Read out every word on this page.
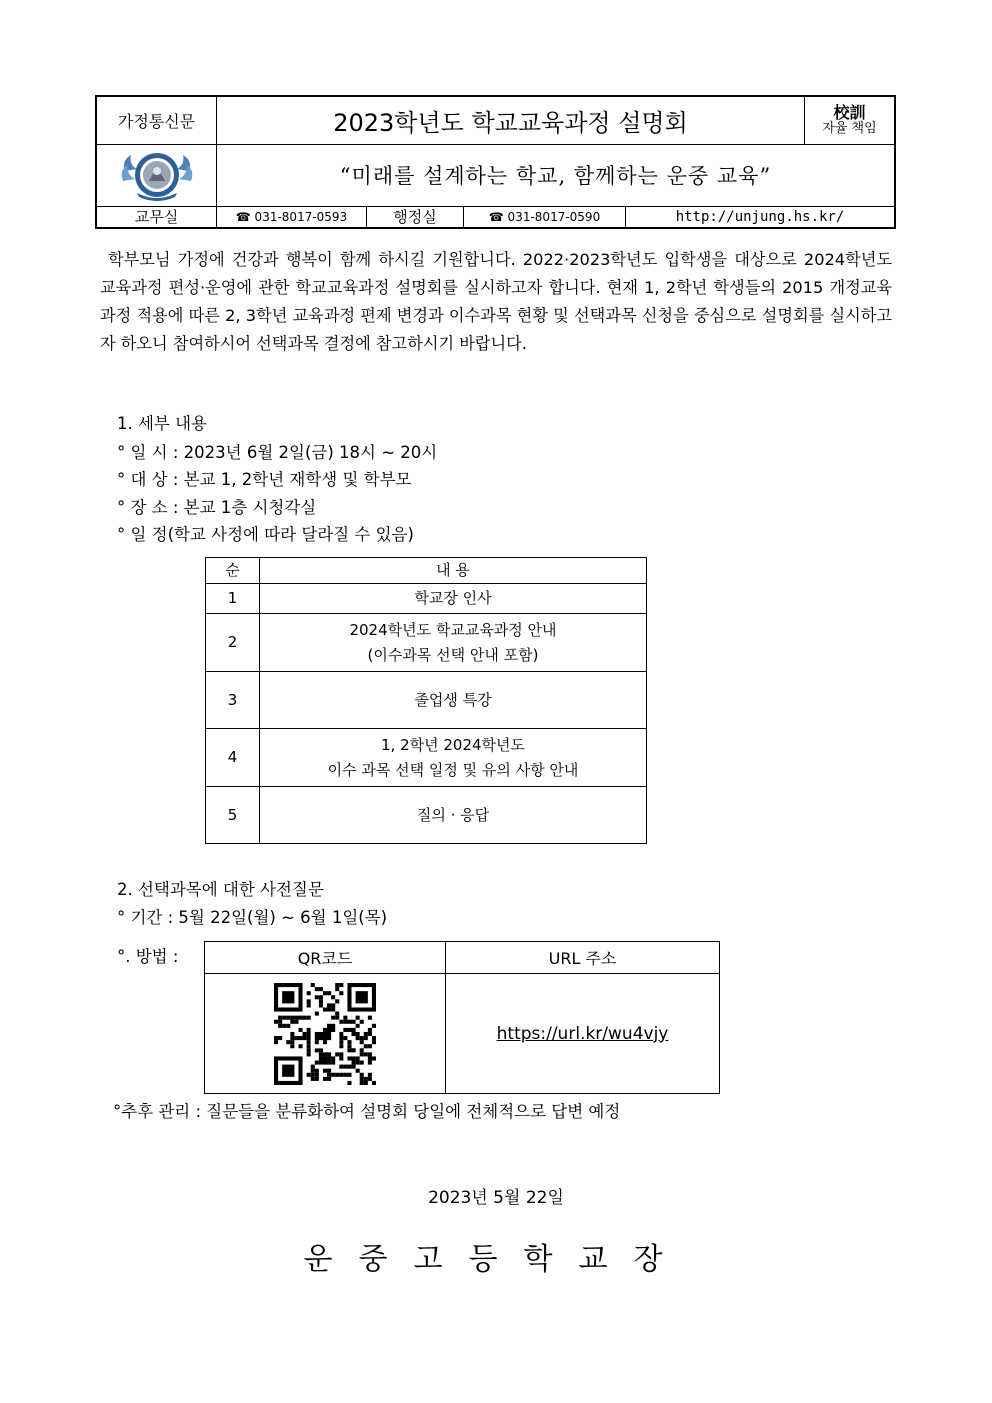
가정통신문	2023학년도 학교교육과정 설명회	校訓
자율 책임
“미래를 설계하는 학교, 함께하는 운중 교육”
교무실	☎ 031-8017-0593	행정실	☎ 031-8017-0590	http://unjung.hs.kr/

학부모님 가정에 건강과 행복이 함께 하시길 기원합니다. 2022·2023학년도 입학생을 대상으로 2024학년도 교육과정 편성·운영에 관한 학교교육과정 설명회를 실시하고자 합니다. 현재 1, 2학년 학생들의 2015 개정교육과정 적용에 따른 2, 3학년 교육과정 편제 변경과 이수과목 현황 및 선택과목 신청을 중심으로 설명회를 실시하고자 하오니 참여하시어 선택과목 결정에 참고하시기 바랍니다.

1. 세부 내용
° 일 시 : 2023년 6월 2일(금) 18시 ~ 20시
° 대 상 : 본교 1, 2학년 재학생 및 학부모
° 장 소 : 본교 1층 시청각실
° 일 정(학교 사정에 따라 달라질 수 있음)
순	내 용
1	학교장 인사
2	2024학년도 학교교육과정 안내
(이수과목 선택 안내 포함)

3	졸업생 특강
4	1, 2학년 2024학년도
이수 과목 선택 일정 및 유의 사항 안내

5	질의 · 응답
2. 선택과목에 대한 사전질문
° 기간 : 5월 22일(월) ~ 6월 1일(목)
°. 방법 :	QR코드	URL 주소

	https://url.kr/wu4vjy
°추후 관리 : 질문들을 분류화하여 설명회 당일에 전체적으로 답변 예정
2023년 5월 22일
운중고등학교장
